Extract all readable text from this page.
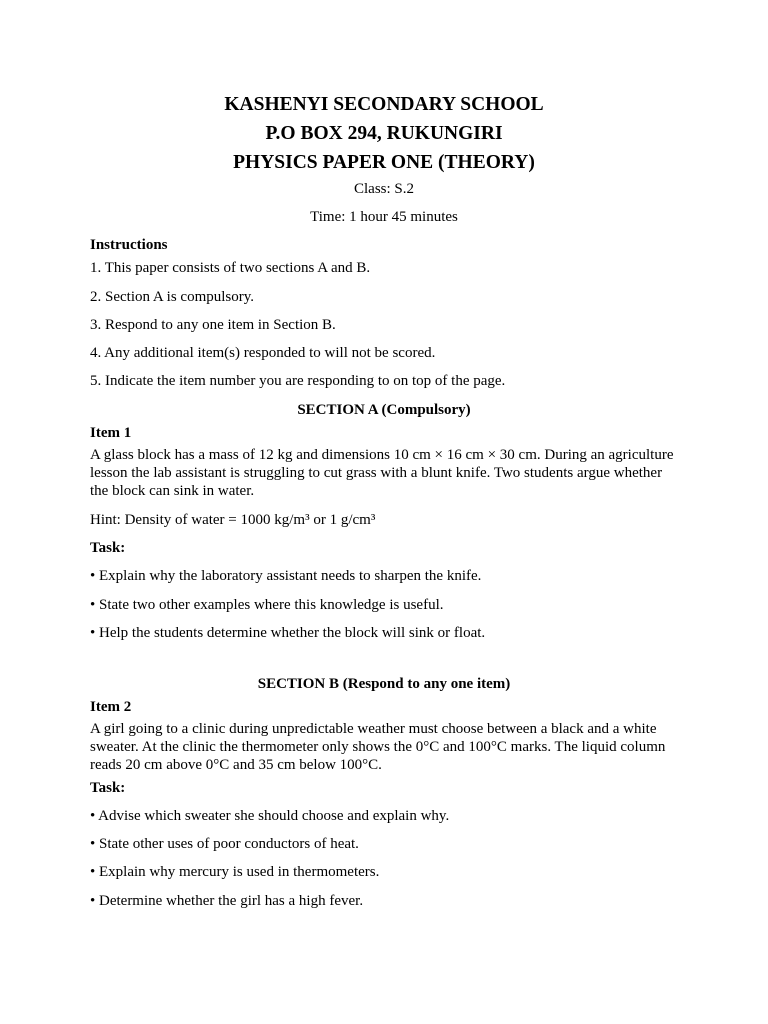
KASHENYI SECONDARY SCHOOL
P.O BOX 294, RUKUNGIRI
PHYSICS PAPER ONE (THEORY)
Class: S.2
Time: 1 hour 45 minutes
Instructions
1. This paper consists of two sections A and B.
2. Section A is compulsory.
3. Respond to any one item in Section B.
4. Any additional item(s) responded to will not be scored.
5. Indicate the item number you are responding to on top of the page.
SECTION A (Compulsory)
Item 1
A glass block has a mass of 12 kg and dimensions 10 cm × 16 cm × 30 cm. During an agriculture lesson the lab assistant is struggling to cut grass with a blunt knife. Two students argue whether the block can sink in water.
Hint: Density of water = 1000 kg/m³ or 1 g/cm³
Task:
• Explain why the laboratory assistant needs to sharpen the knife.
• State two other examples where this knowledge is useful.
• Help the students determine whether the block will sink or float.
SECTION B (Respond to any one item)
Item 2
A girl going to a clinic during unpredictable weather must choose between a black and a white sweater. At the clinic the thermometer only shows the 0°C and 100°C marks. The liquid column reads 20 cm above 0°C and 35 cm below 100°C.
Task:
• Advise which sweater she should choose and explain why.
• State other uses of poor conductors of heat.
• Explain why mercury is used in thermometers.
• Determine whether the girl has a high fever.
